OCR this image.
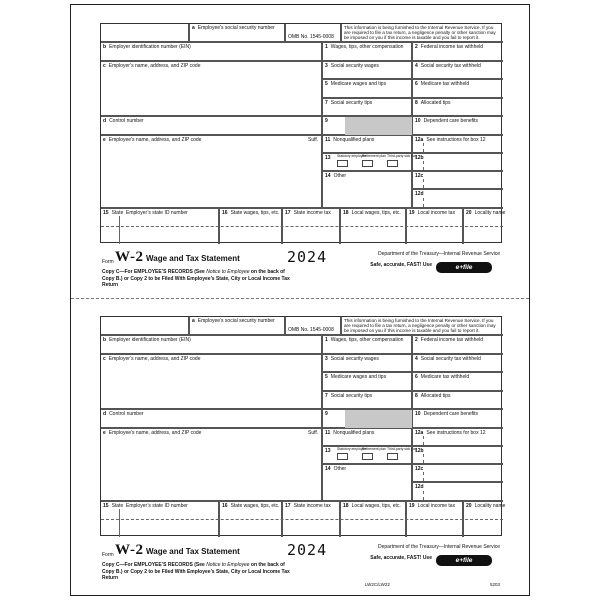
a Employee’s social security number
OMB No. 1545-0008
This information is being furnished to the Internal Revenue Service. If you are required to file a tax return, a negligence penalty or other sanction may be imposed on you if this income is taxable and you fail to report it.
b Employer identification number (EIN)
c Employer’s name, address, and ZIP code
d Control number
e Employee’s name, address, and ZIP code	Suff.
1 Wages, tips, other compensation
3 Social security wages
5 Medicare wages and tips
7 Social security tips
9
11 Nonqualified plans
13 Statutory employee
Retirement plan Third-party sick pay
14 Other
2 Federal income tax withheld
4 Social security tax withheld
6 Medicare tax withheld
8 Allocated tips
10 Dependent care benefits
12a See instructions for box 12
12b
12c
12d
15 State Employer’s state ID number	16 State wages, tips, etc.	17 State income tax	18 Local wages, tips, etc.	19 Local income tax	20 Locality name
Form W-2 Wage and Tax Statement	2024	Department of the Treasury—Internal Revenue Service
Copy C—For EMPLOYEE’S RECORDS (See Notice to Employee on the back of Copy B.) or Copy 2 to be Filed With Employee’s State, City or Local Income Tax Return
Safe, accurate, FAST! Use	e+file
a Employee’s social security number
OMB No. 1545-0008
This information is being furnished to the Internal Revenue Service. If you are required to file a tax return, a negligence penalty or other sanction may be imposed on you if this income is taxable and you fail to report it.
b Employer identification number (EIN)
c Employer’s name, address, and ZIP code
d Control number
e Employee’s name, address, and ZIP code	Suff.
1 Wages, tips, other compensation
3 Social security wages
5 Medicare wages and tips
7 Social security tips
9
11 Nonqualified plans
13 Statutory employee
Retirement plan Third-party sick pay
14 Other
2 Federal income tax withheld
4 Social security tax withheld
6 Medicare tax withheld
8 Allocated tips
10 Dependent care benefits
12a See instructions for box 12
12b
12c
12d
15 State Employer’s state ID number	16 State wages, tips, etc.	17 State income tax	18 Local wages, tips, etc.	19 Local income tax	20 Locality name
Form W-2 Wage and Tax Statement	2024	Department of the Treasury—Internal Revenue Service
Copy C—For EMPLOYEE’S RECORDS (See Notice to Employee on the back of Copy B.) or Copy 2 to be Filed With Employee’s State, City or Local Income Tax Return
Safe, accurate, FAST! Use	e+file
LW2C/LW22	5203
